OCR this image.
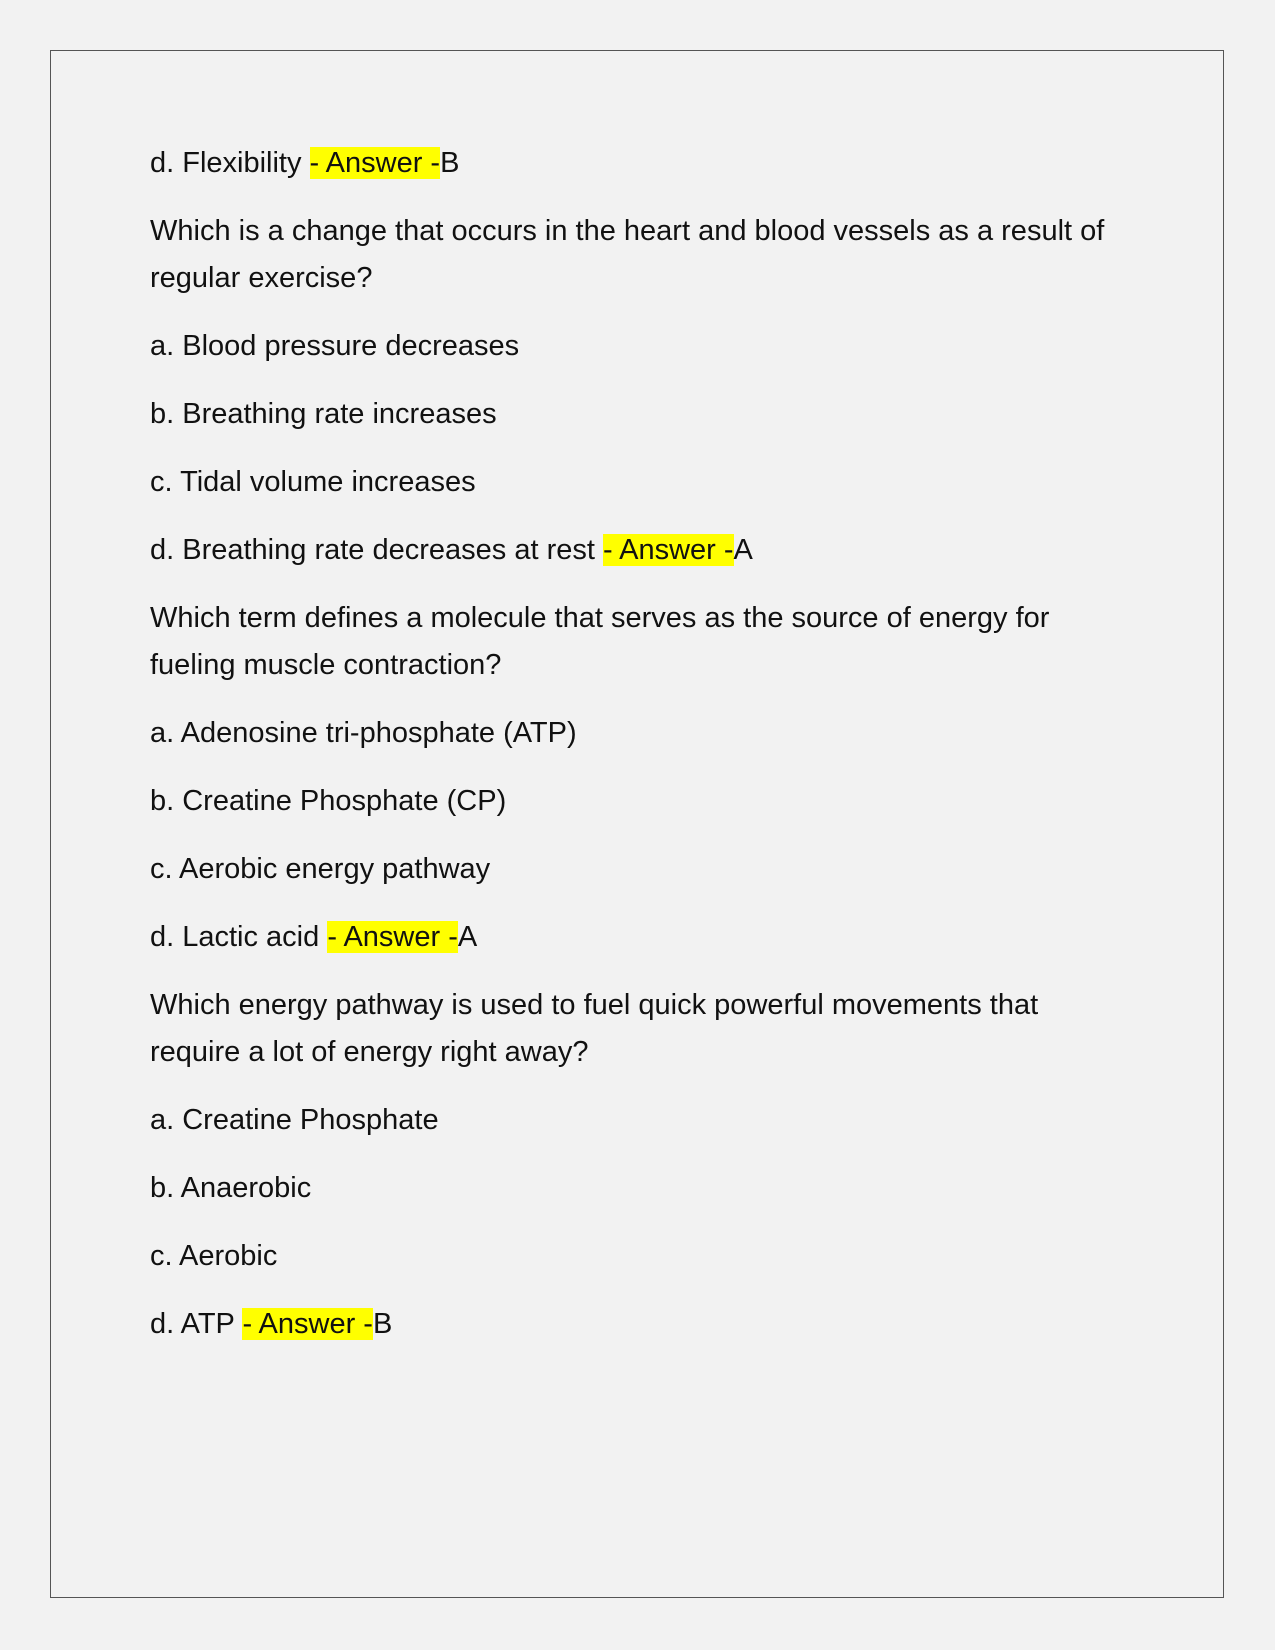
d. Flexibility - Answer -B

Which is a change that occurs in the heart and blood vessels as a result of regular exercise?

a. Blood pressure decreases

b. Breathing rate increases

c. Tidal volume increases

d. Breathing rate decreases at rest - Answer -A

Which term defines a molecule that serves as the source of energy for fueling muscle contraction?

a. Adenosine tri-phosphate (ATP)

b. Creatine Phosphate (CP)

c. Aerobic energy pathway

d. Lactic acid - Answer -A

Which energy pathway is used to fuel quick powerful movements that require a lot of energy right away?

a. Creatine Phosphate

b. Anaerobic

c. Aerobic

d. ATP - Answer -B
